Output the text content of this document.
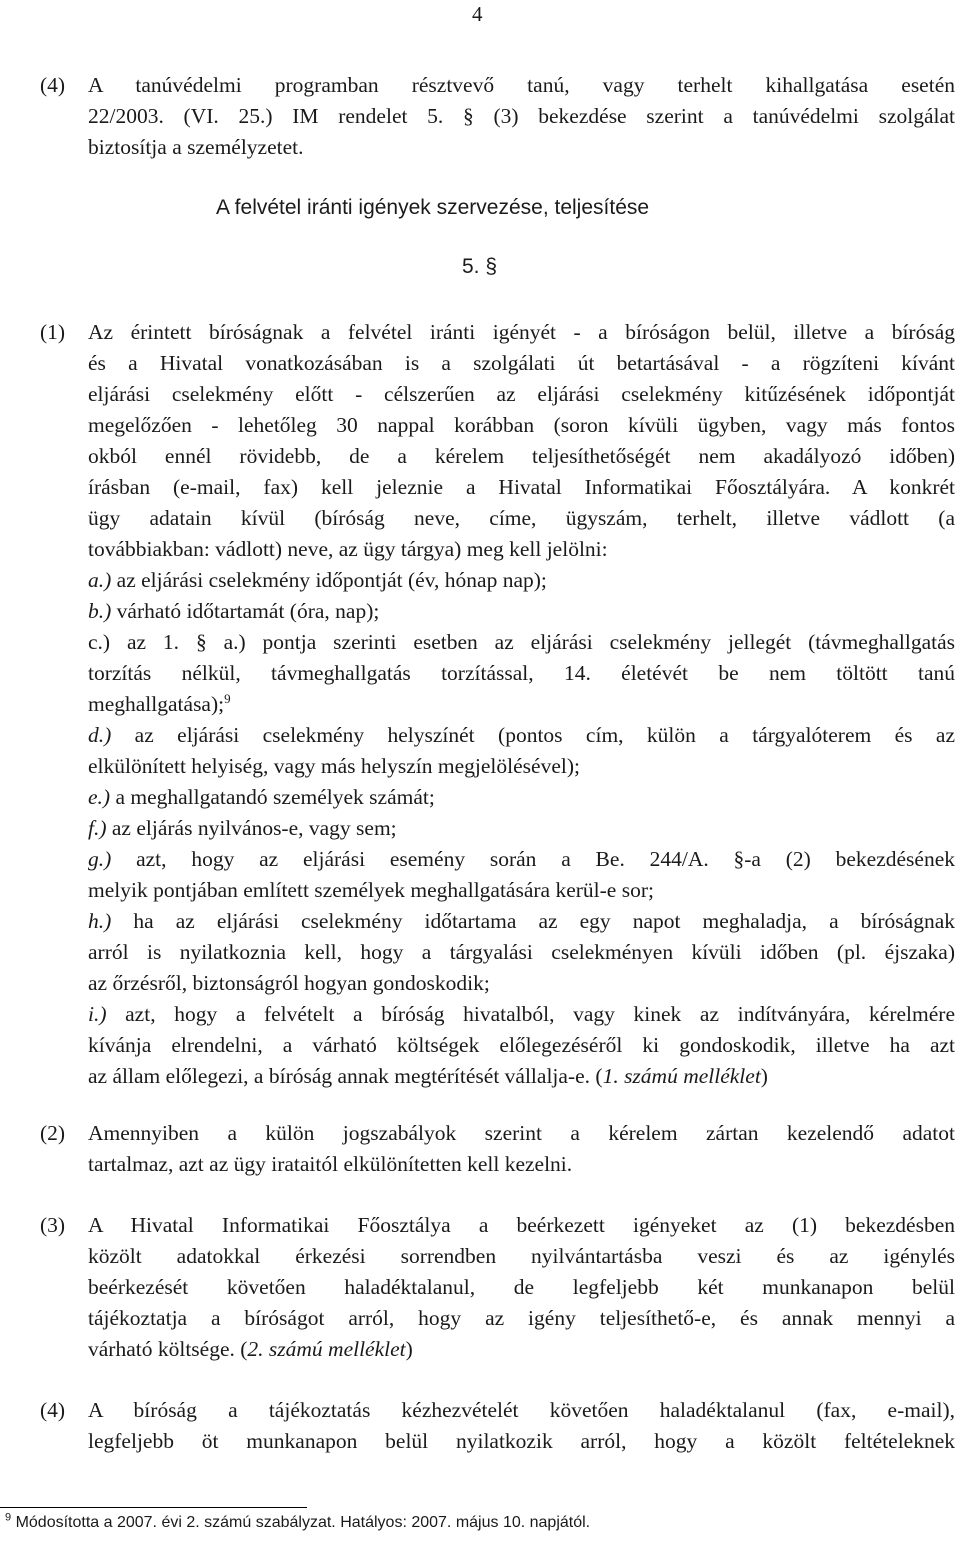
4
(4) A tanúvédelmi programban résztvevő tanú, vagy terhelt kihallgatása esetén
22/2003. (VI. 25.) IM rendelet 5. § (3) bekezdése szerint a tanúvédelmi szolgálat
biztosítja a személyzetet.
A felvétel iránti igények szervezése, teljesítése
5. §
(1) Az érintett bíróságnak a felvétel iránti igényét - a bíróságon belül, illetve a bíróság
és a Hivatal vonatkozásában is a szolgálati út betartásával - a rögzíteni kívánt
eljárási cselekmény előtt - célszerűen az eljárási cselekmény kitűzésének időpontját
megelőzően - lehetőleg 30 nappal korábban (soron kívüli ügyben, vagy más fontos
okból ennél rövidebb, de a kérelem teljesíthetőségét nem akadályozó időben)
írásban (e-mail, fax) kell jeleznie a Hivatal Informatikai Főosztályára. A konkrét
ügy adatain kívül (bíróság neve, címe, ügyszám, terhelt, illetve vádlott (a
továbbiakban: vádlott) neve, az ügy tárgya) meg kell jelölni:
a.) az eljárási cselekmény időpontját (év, hónap nap);
b.) várható időtartamát (óra, nap);
c.) az 1. § a.) pontja szerinti esetben az eljárási cselekmény jellegét (távmeghallgatás
torzítás nélkül, távmeghallgatás torzítással, 14. életévét be nem töltött tanú
meghallgatása);$^9$
d.) az eljárási cselekmény helyszínét (pontos cím, külön a tárgyalóterem és az
elkülönített helyiség, vagy más helyszín megjelölésével);
e.) a meghallgatandó személyek számát;
f.) az eljárás nyilvános-e, vagy sem;
g.) azt, hogy az eljárási esemény során a Be. 244/A. §-a (2) bekezdésének
melyik pontjában említett személyek meghallgatására kerül-e sor;
h.) ha az eljárási cselekmény időtartama az egy napot meghaladja, a bíróságnak
arról is nyilatkoznia kell, hogy a tárgyalási cselekményen kívüli időben (pl. éjszaka)
az őrzésről, biztonságról hogyan gondoskodik;
i.) azt, hogy a felvételt a bíróság hivatalból, vagy kinek az indítványára, kérelmére
kívánja elrendelni, a várható költségek előlegezéséről ki gondoskodik, illetve ha azt
az állam előlegezi, a bíróság annak megtérítését vállalja-e. (1. számú melléklet)
(2) Amennyiben a külön jogszabályok szerint a kérelem zártan kezelendő adatot
tartalmaz, azt az ügy irataitól elkülönítetten kell kezelni.
(3) A Hivatal Informatikai Főosztálya a beérkezett igényeket az (1) bekezdésben
közölt adatokkal érkezési sorrendben nyilvántartásba veszi és az igénylés
beérkezését követően haladéktalanul, de legfeljebb két munkanapon belül
tájékoztatja a bíróságot arról, hogy az igény teljesíthető-e, és annak mennyi a
várható költsége. (2. számú melléklet)
(4) A bíróság a tájékoztatás kézhezvételét követően haladéktalanul (fax, e-mail),
legfeljebb öt munkanapon belül nyilatkozik arról, hogy a közölt feltételeknek
$^9$ Módosította a 2007. évi 2. számú szabályzat. Hatályos: 2007. május 10. napjától.
